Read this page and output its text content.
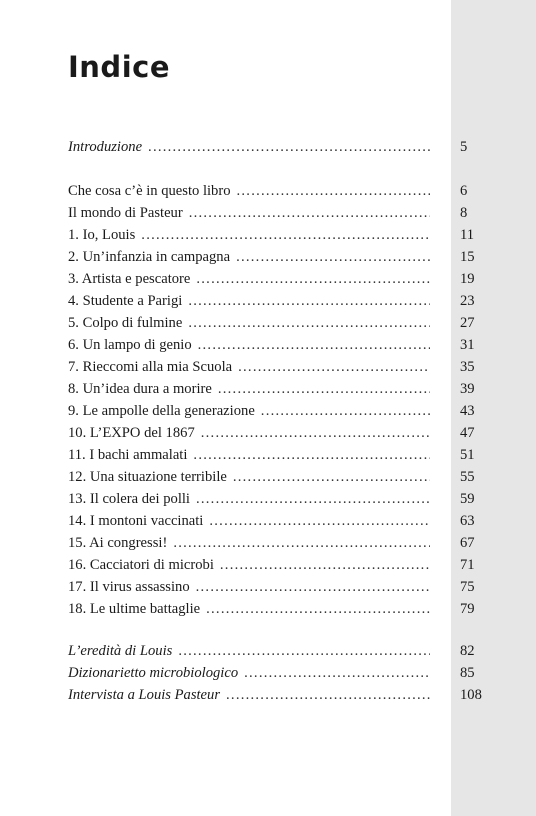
Indice
Introduzione . . .	5
Che cosa c’è in questo libro . . .	6
Il mondo di Pasteur . . .	8
1. Io, Louis . . .	11
2. Un’infanzia in campagna . . .	15
3. Artista e pescatore . . .	19
4. Studente a Parigi . . .	23
5. Colpo di fulmine . . .	27
6. Un lampo di genio . . .	31
7. Rieccomi alla mia Scuola . . .	35
8. Un’idea dura a morire . . .	39
9. Le ampolle della generazione . . .	43
10. L’EXPO del 1867 . . .	47
11. I bachi ammalati . . .	51
12. Una situazione terribile . . .	55
13. Il colera dei polli . . .	59
14. I montoni vaccinati . . .	63
15. Ai congressi! . . .	67
16. Cacciatori di microbi . . .	71
17. Il virus assassino . . .	75
18. Le ultime battaglie . . .	79
L’eredità di Louis . . .	82
Dizionarietto microbiologico . . .	85
Intervista a Louis Pasteur . . .	108
